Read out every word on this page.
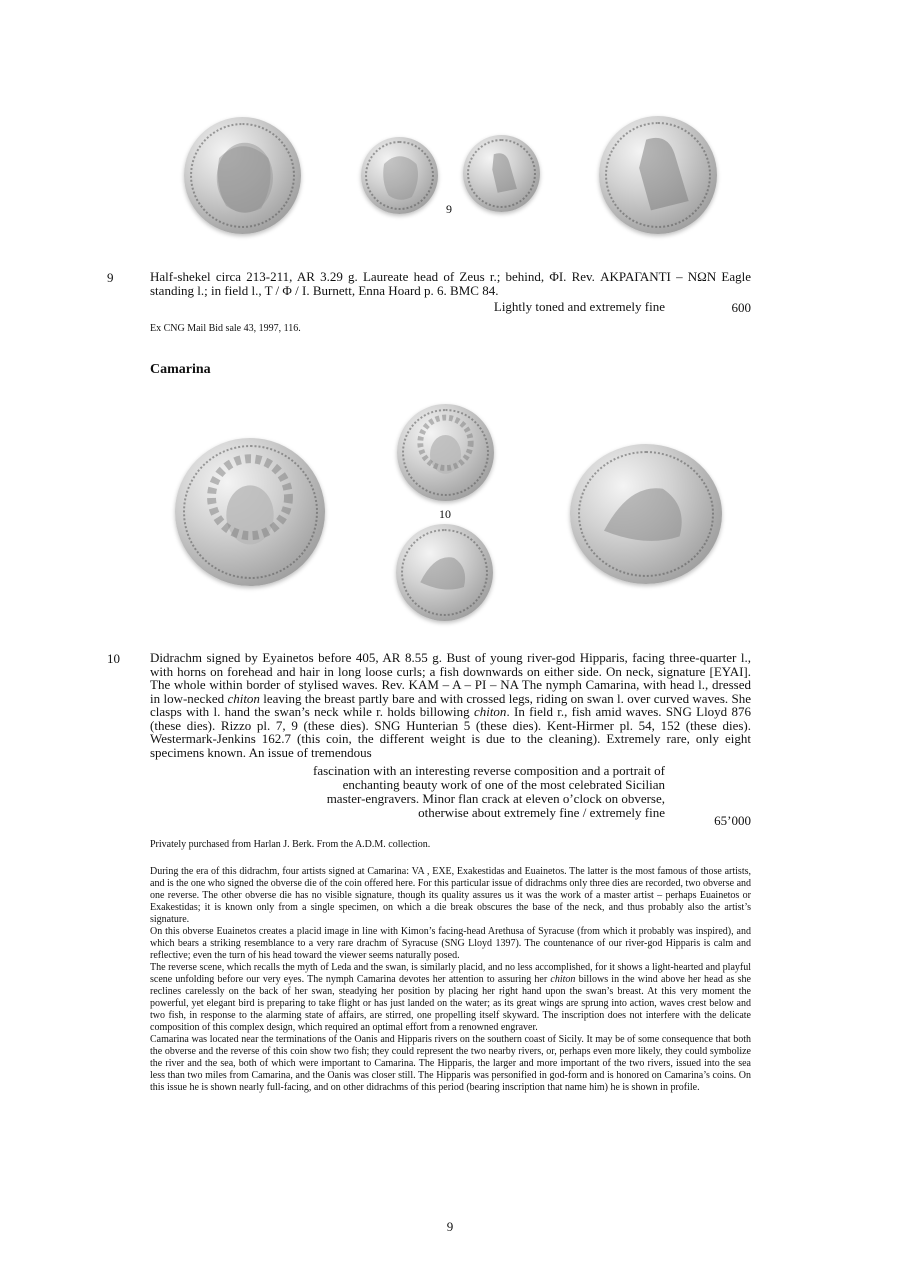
9
9	Half-shekel circa 213-211, AR 3.29 g. Laureate head of Zeus r.; behind, ΦI. Rev. ΑΚΡΑΓΑΝΤΙ – ΝΩΝ Eagle standing l.; in field l., T / Φ / I. Burnett, Enna Hoard p. 6. BMC 84.
Lightly toned and extremely fine	600
Ex CNG Mail Bid sale 43, 1997, 116.
Camarina
10
10 Didrachm signed by Eyainetos before 405, AR 8.55 g. Bust of young river-god Hipparis, facing three-quarter l., with horns on forehead and hair in long loose curls; a fish downwards on either side. On neck, signature [EYAI]. The whole within border of stylised waves. Rev. KAM – A – PI – NA The nymph Camarina, with head l., dressed in low-necked chiton leaving the breast partly bare and with crossed legs, riding on swan l. over curved waves. She clasps with l. hand the swan’s neck while r. holds billowing chiton. In field r., fish amid waves. SNG Lloyd 876 (these dies). Rizzo pl. 7, 9 (these dies). SNG Hunterian 5 (these dies). Kent-Hirmer pl. 54, 152 (these dies). Westermark-Jenkins 162.7 (this coin, the different weight is due to the cleaning). Extremely rare, only eight specimens known. An issue of tremendous
fascination with an interesting reverse composition and a portrait of
enchanting beauty work of one of the most celebrated Sicilian
master-engravers. Minor flan crack at eleven o’clock on obverse,
otherwise about extremely fine / extremely fine
65’000
Privately purchased from Harlan J. Berk. From the A.D.M. collection.
During the era of this didrachm, four artists signed at Camarina: VA , EXE, Exakestidas and Euainetos. The latter is the most famous of those artists, and is the one who signed the obverse die of the coin offered here. For this particular issue of didrachms only three dies are recorded, two obverse and one reverse. The other obverse die has no visible signature, though its quality assures us it was the work of a master artist – perhaps Euainetos or Exakestidas; it is known only from a single specimen, on which a die break obscures the base of the neck, and thus probably also the artist’s signature.
On this obverse Euainetos creates a placid image in line with Kimon’s facing-head Arethusa of Syracuse (from which it probably was inspired), and which bears a striking resemblance to a very rare drachm of Syracuse (SNG Lloyd 1397). The countenance of our river-god Hipparis is calm and reflective; even the turn of his head toward the viewer seems naturally posed.
The reverse scene, which recalls the myth of Leda and the swan, is similarly placid, and no less accomplished, for it shows a light-hearted and playful scene unfolding before our very eyes. The nymph Camarina devotes her attention to assuring her chiton billows in the wind above her head as she reclines carelessly on the back of her swan, steadying her position by placing her right hand upon the swan’s breast. At this very moment the powerful, yet elegant bird is preparing to take flight or has just landed on the water; as its great wings are sprung into action, waves crest below and two fish, in response to the alarming state of affairs, are stirred, one propelling itself skyward. The inscription does not interfere with the delicate composition of this complex design, which required an optimal effort from a renowned engraver.
Camarina was located near the terminations of the Oanis and Hipparis rivers on the southern coast of Sicily. It may be of some consequence that both the obverse and the reverse of this coin show two fish; they could represent the two nearby rivers, or, perhaps even more likely, they could symbolize the river and the sea, both of which were important to Camarina. The Hipparis, the larger and more important of the two rivers, issued into the sea less than two miles from Camarina, and the Oanis was closer still. The Hipparis was personified in god-form and is honored on Camarina’s coins. On this issue he is shown nearly full-facing, and on other didrachms of this period (bearing inscription that name him) he is shown in profile.
9
